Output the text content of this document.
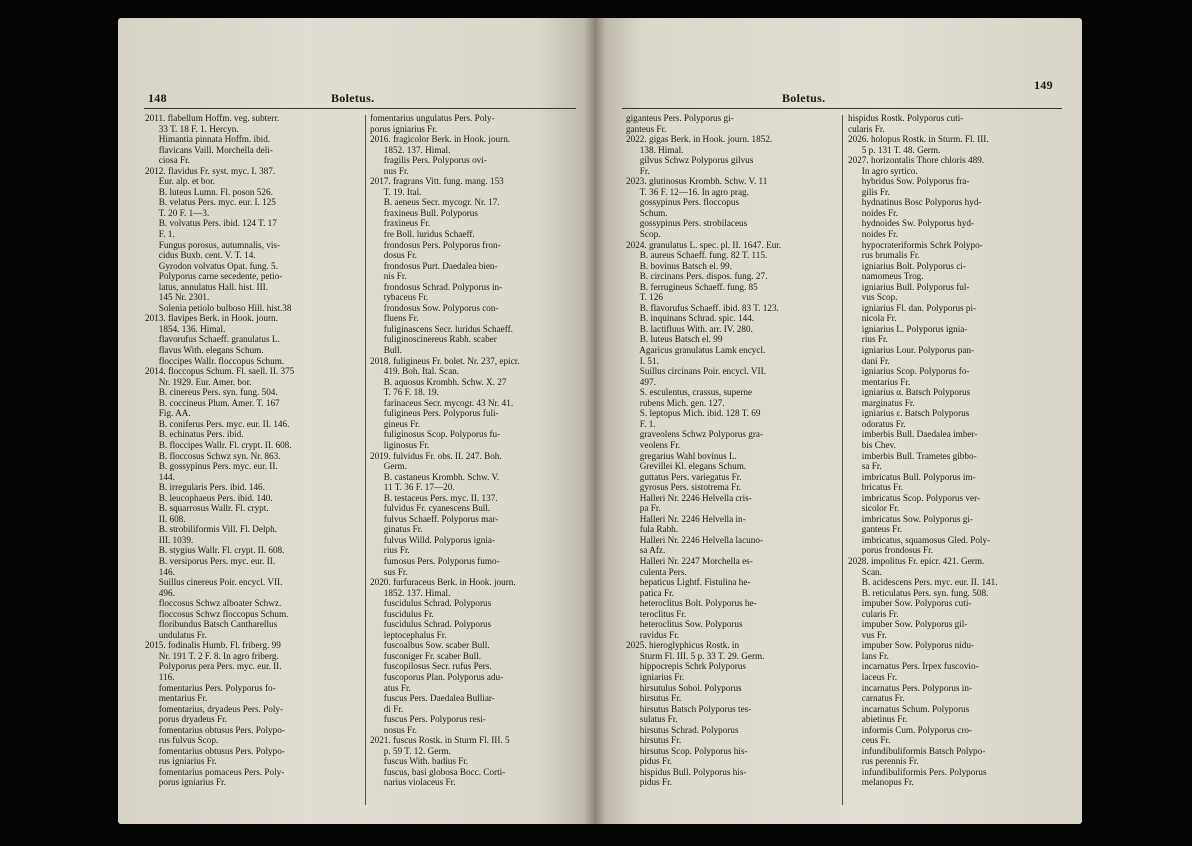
148	Boletus.
2011. flabellum Hoffm. veg. subterr.
33 T. 18 F. 1. Hercyn.
Himantia pinnata Hoffm. ibid.
flavicans Vaill. Morchella deli-
ciosa Fr.
2012. flavidus Fr. syst. myc. I. 387.
Eur. alp. et bor.
B. luteus Lumn. Fl. poson 526.
B. velatus Pers. myc. eur. I. 125
T. 20 F. 1—3.
B. volvatus Pers. ibid. 124 T. 17
F. 1.
Fungus porosus, autumnalis, vis-
cidus Buxb. cent. V. T. 14.
Gyrodon volvatus Opat. fung. 5.
Polyporus carne secedente, petio-
latus, annulatus Hall. hist. III.
145 Nr. 2301.
Solenia petiolo bulboso Hill. hist.38
2013. flavipes Berk. in Hook. journ.
1854. 136. Himal.
flavorufus Schaeff. granulatus L.
flavus With. elegans Schum.
floccipes Wallr. floccopus Schum.
2014. floccopus Schum. Fl. saell. II. 375
Nr. 1929. Eur. Amer. bor.
B. cinereus Pers. syn. fung. 504.
B. coccineus Plum. Amer. T. 167
Fig. AA.
B. coniferus Pers. myc. eur. II. 146.
B. echinatus Pers. ibid.
B. floccipes Wallr. Fl. crypt. II. 608.
B. floccosus Schwz syn. Nr. 863.
B. gossypinus Pers. myc. eur. II.
144.
B. irregularis Pers. ibid. 146.
B. leucophaeus Pers. ibid. 140.
B. squarrosus Wallr. Fl. crypt.
II. 608.
B. strobiliformis Vill. Fl. Delph.
III. 1039.
B. stygius Wallr. Fl. crypt. II. 608.
B. versiporus Pers. myc. eur. II.
146.
Suillus cinereus Poir. encycl. VII.
496.
floccosus Schwz alboater Schwz.
floccosus Schwz floccopus Schum.
floribundus Batsch Cantharellus
undulatus Fr.
2015. fodinalis Humb. Fl. friberg. 99
Nr. 191 T. 2 F. 8. In agro friberg.
Polyporus pera Pers. myc. eur. II.
116.
fomentarius Pers. Polyporus fo-
mentarius Fr.
fomentarius, dryadeus Pers. Poly-
porus dryadeus Fr.
fomentarius obtusus Pers. Polypo-
rus fulvus Scop.
fomentarius obtusus Pers. Polypo-
rus igniarius Fr.
fomentarius pomaceus Pers. Poly-
porus igniarius Fr.
fomentarius ungulatus Pers. Poly-
porus igniarius Fr.
2016. fragicolor Berk. in Hook. journ.
1852. 137. Himal.
fragilis Pers. Polyporus ovi-
nus Fr.
2017. fragrans Vitt. fung. mang. 153
T. 19. Ital.
B. aeneus Secr. mycogr. Nr. 17.
fraxineus Bull. Polyporus
fraxineus Fr.
fre Boll. luridus Schaeff.
frondosus Pers. Polyporus fron-
dosus Fr.
frondosus Purt. Daedalea bien-
nis Fr.
frondosus Schrad. Polyporus in-
tybaceus Fr.
frondosus Sow. Polyporus con-
fluens Fr.
fuliginascens Secr. luridus Schaeff.
fuliginoscinereus Rabh. scaber
Bull.
2018. fuligineus Fr. bolet. Nr. 237, epicr.
419. Boh. Ital. Scan.
B. aquosus Krombh. Schw. X. 27
T. 76 F. 18. 19.
farinaceus Secr. mycogr. 43 Nr. 41.
fuligineus Pers. Polyporus fuli-
gineus Fr.
fuliginosus Scop. Polyporus fu-
liginosus Fr.
2019. fulvidus Fr. obs. II. 247. Boh.
Germ.
B. castaneus Krombh. Schw. V.
11 T. 36 F. 17—20.
B. testaceus Pers. myc. II. 137.
fulvidus Fr. cyanescens Bull.
fulvus Schaeff. Polyporus mar-
ginatus Fr.
fulvus Willd. Polyporus ignia-
rius Fr.
fumosus Pers. Polyporus fumo-
sus Fr.
2020. furfuraceus Berk. in Hook. journ.
1852. 137. Himal.
fuscidulus Schrad. Polyporus
fuscidulus Fr.
fuscidulus Schrad. Polyporus
leptocephalus Fr.
fuscoalbus Sow. scaber Bull.
fusconiger Fr. scaber Bull.
fuscopilosus Secr. rufus Pers.
fuscoporus Plan. Polyporus adu-
atus Fr.
fuscus Pers. Daedalea Bulliar-
di Fr.
fuscus Pers. Polyporus resi-
nosus Fr.
2021. fuscus Rostk. in Sturm Fl. III. 5
p. 59 T. 12. Germ.
fuscus With. badius Fr.
fuscus, basi globosa Bocc. Corti-
narius violaceus Fr.
Boletus.
149
giganteus Pers. Polyporus gi-
ganteus Fr.
2022. gigas Berk. in Hook. journ. 1852.
138. Himal.
gilvus Schwz Polyporus gilvus
Fr.
2023. glutinosus Krombh. Schw. V. 11
T. 36 F. 12—16. In agro prag.
gossypinus Pers. floccopus
Schum.
gossypinus Pers. strobilaceus
Scop.
2024. granulatus L. spec. pl. II. 1647. Eur.
B. aureus Schaeff. fung. 82 T. 115.
B. bovinus Batsch el. 99.
B. circinans Pers. dispos. fung. 27.
B. ferrugineus Schaeff. fung. 85
T. 126
B. flavorufus Schaeff. ibid. 83 T. 123.
B. inquinans Schrad. spic. 144.
B. lactifluus With. arr. IV. 280.
B. luteus Batsch el. 99
Agaricus granulatus Lamk encycl.
I. 51.
Suillus circinans Poir. encycl. VII.
497.
S. esculentus, crassus, superne
rubens Mich. gen. 127.
S. leptopus Mich. ibid. 128 T. 69
F. 1.
graveolens Schwz Polyporus gra-
veolens Fr.
gregarius Wahl bovinus L.
Grevillei Kl. elegans Schum.
guttatus Pers. variegatus Fr.
gyrosus Pers. sistotrema Fr.
Halleri Nr. 2246 Helvella cris-
pa Fr.
Halleri Nr. 2246 Helvella in-
fula Rabh.
Halleri Nr. 2246 Helvella lacuno-
sa Afz.
Halleri Nr. 2247 Morchella es-
culenta Pers.
hepaticus Lightf. Fistulina he-
patica Fr.
heteroclitus Bolt. Polyporus he-
teroclitus Fr.
heteroclitus Sow. Polyporus
ravidus Fr.
2025. hieroglyphicus Rostk. in
Sturm Fl. III. 5 p. 33 T. 29. Germ.
hippocrepis Schrk Polyporus
igniarius Fr.
hirsutulus Sobol. Polyporus
hirsutus Fr.
hirsutus Batsch Polyporus tes-
sulatus Fr.
hirsutus Schrad. Polyporus
hirsutus Fr.
hirsutus Scop. Polyporus his-
pidus Fr.
hispidus Bull. Polyporus his-
pidus Fr.
hispidus Rostk. Polyporus cuti-
cularis Fr.
2026. holopus Rostk. in Sturm. Fl. III.
5 p. 131 T. 48. Germ.
2027. horizontalis Thore chloris 489.
In agro syrtico.
hybridus Sow. Polyporus fra-
gilis Fr.
hydnatinus Bosc Polyporus hyd-
noides Fr.
hydnoides Sw. Polyporus hyd-
noides Fr.
hypocrateriformis Schrk Polypo-
rus brumalis Fr.
igniarius Bolt. Polyporus ci-
namomeus Trog.
igniarius Bull. Polyporus ful-
vus Scop.
igniarius Fl. dan. Polyporus pi-
nicola Fr.
igniarius L. Polyporus ignia-
rius Fr.
igniarius Lour. Polyporus pan-
dani Fr.
igniarius Scop. Polyporus fo-
mentarius Fr.
igniarius α. Batsch Polyporus
marginatus Fr.
igniarius ε. Batsch Polyporus
odoratus Fr.
imberbis Bull. Daedalea imber-
bis Chev.
imberbis Bull. Trametes gibbo-
sa Fr.
imbricatus Bull. Polyporus im-
bricatus Fr.
imbricatus Scop. Polyporus ver-
sicolor Fr.
imbricatus Sow. Polyporus gi-
ganteus Fr.
imbricatus, squamosus Gled. Poly-
porus frondosus Fr.
2028. impolitus Fr. epicr. 421. Germ.
Scan.
B. acidescens Pers. myc. eur. II. 141.
B. reticulatus Pers. syn. fung. 508.
impuber Sow. Polyporus cuti-
cularis Fr.
impuber Sow. Polyporus gil-
vus Fr.
impuber Sow. Polyporus nidu-
lans Fr.
incarnatus Pers. Irpex fuscovio-
laceus Fr.
incarnatus Pers. Polyporus in-
carnatus Fr.
incarnatus Schum. Polyporus
abietinus Fr.
informis Cum. Polyporus cro-
ceus Fr.
infundibuliformis Batsch Polypo-
rus perennis Fr.
infundibuliformis Pers. Polyporus
melanopus Fr.
